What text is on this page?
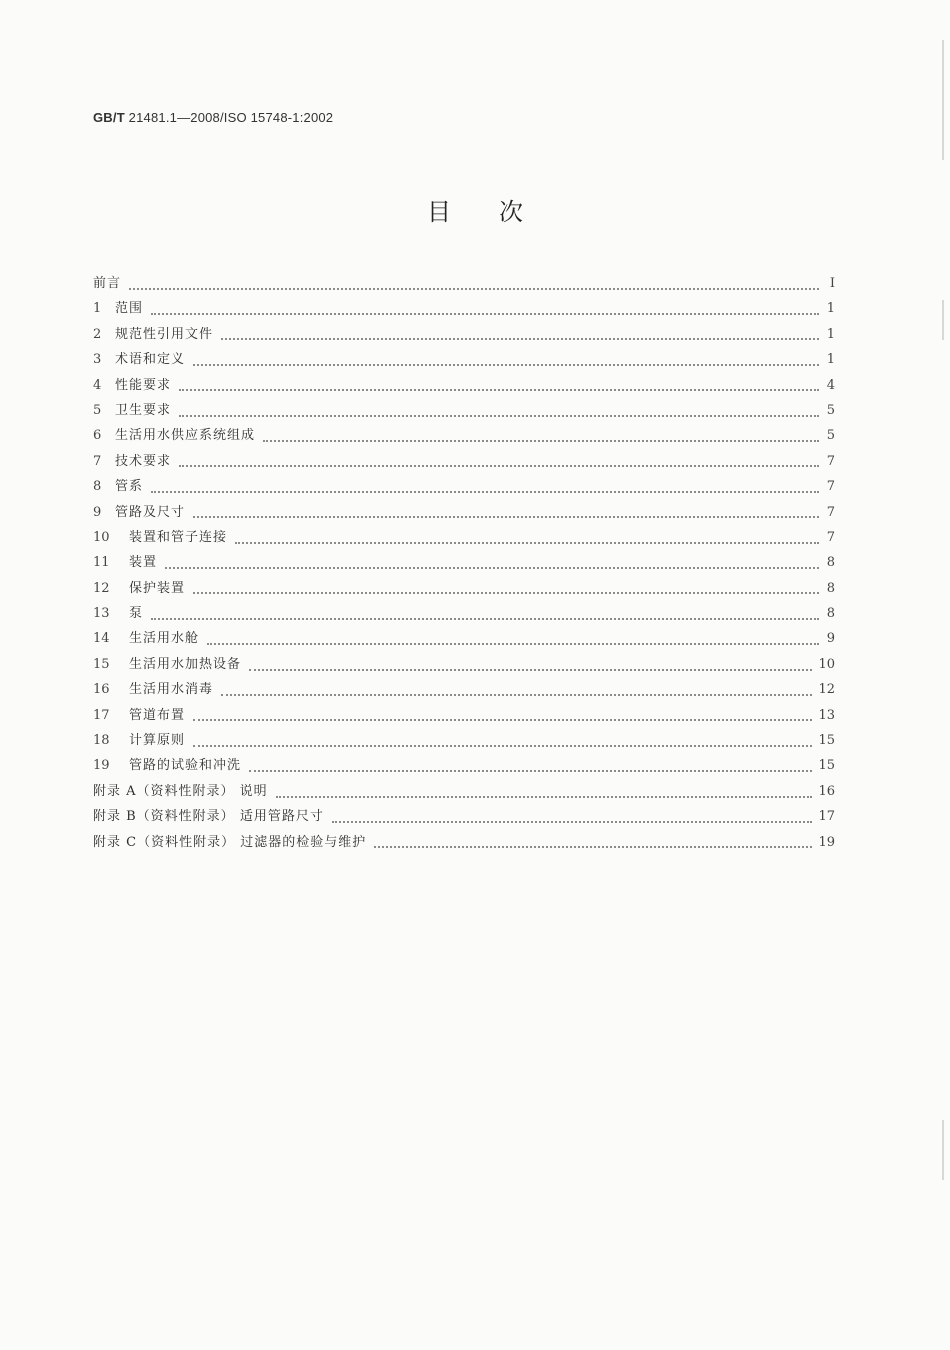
GB/T 21481.1—2008/ISO 15748-1:2002
目 次
前言	I
1	范围	1
2	规范性引用文件	1
3	术语和定义	1
4	性能要求	4
5	卫生要求	5
6	生活用水供应系统组成	5
7	技术要求	7
8	管系	7
9	管路及尺寸	7
10	装置和管子连接	7
11	装置	8
12	保护装置	8
13	泵	8
14	生活用水舱	9
15	生活用水加热设备	10
16	生活用水消毒	12
17	管道布置	13
18	计算原则	15
19	管路的试验和冲洗	15
附录 A（资料性附录） 说明	16
附录 B（资料性附录） 适用管路尺寸	17
附录 C（资料性附录） 过滤器的检验与维护	19
